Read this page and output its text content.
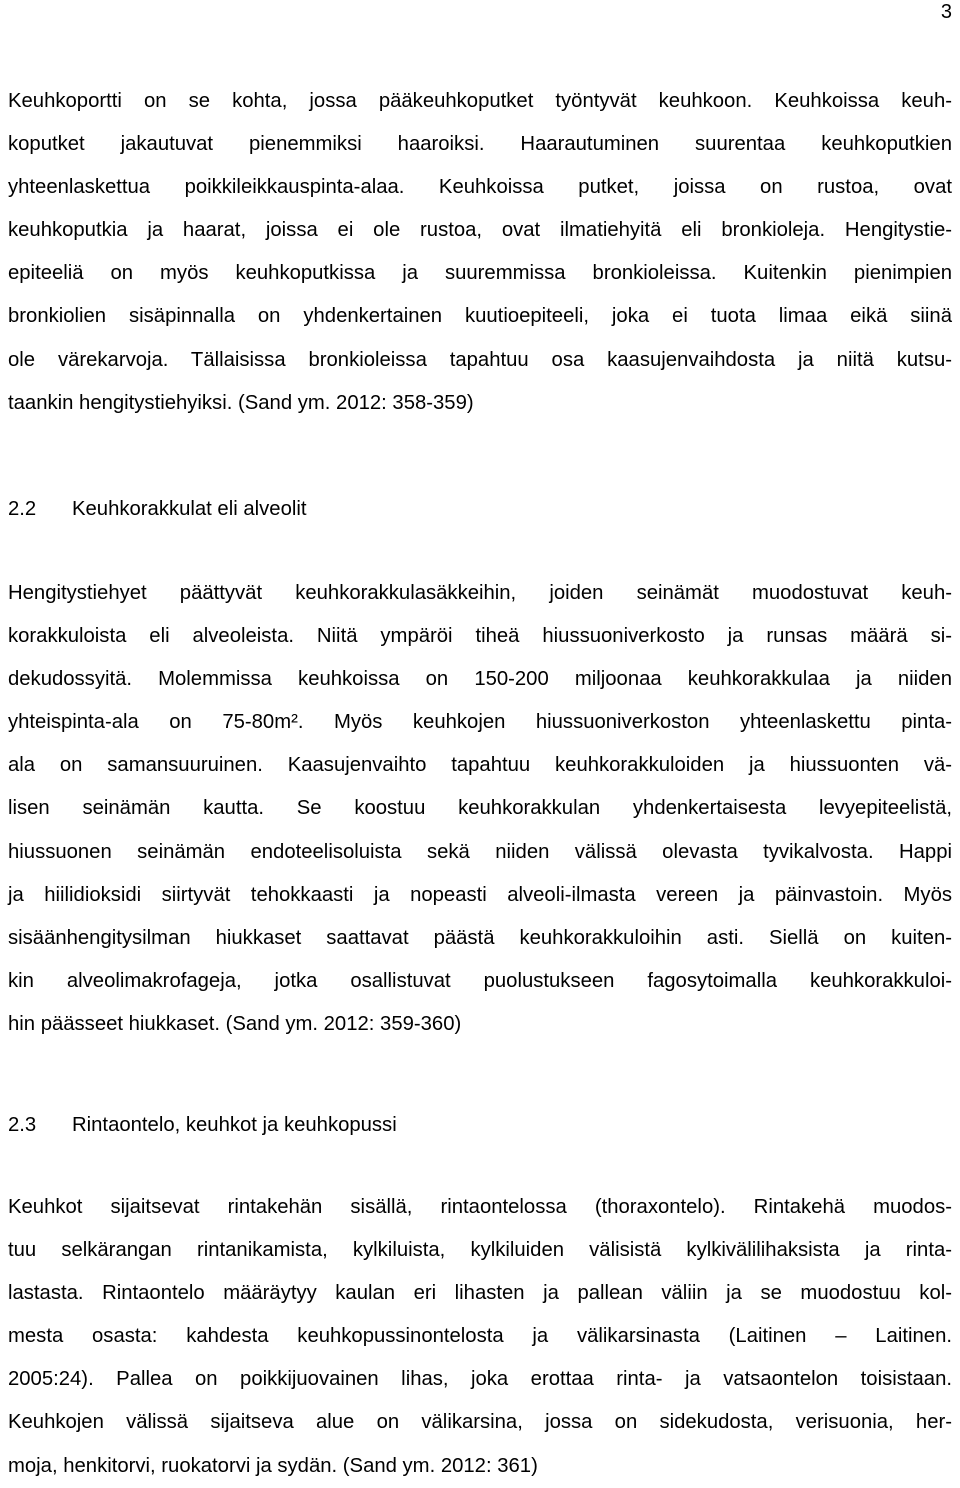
3
Keuhkoportti on se kohta, jossa pääkeuhkoputket työntyvät keuhkoon. Keuhkoissa keuh-
koputket jakautuvat pienemmiksi haaroiksi. Haarautuminen suurentaa keuhkoputkien
yhteenlaskettua poikkileikkauspinta-alaa. Keuhkoissa putket, joissa on rustoa, ovat
keuhkoputkia ja haarat, joissa ei ole rustoa, ovat ilmatiehyitä eli bronkioleja. Hengitystie-
epiteeliä on myös keuhkoputkissa ja suuremmissa bronkioleissa. Kuitenkin pienimpien
bronkiolien sisäpinnalla on yhdenkertainen kuutioepiteeli, joka ei tuota limaa eikä siinä
ole värekarvoja. Tällaisissa bronkioleissa tapahtuu osa kaasujenvaihdosta ja niitä kutsu-
taankin hengitystiehyiksi. (Sand ym. 2012: 358-359)
2.2 Keuhkorakkulat eli alveolit
Hengitystiehyet päättyvät keuhkorakkulasäkkeihin, joiden seinämät muodostuvat keuh-
korakkuloista eli alveoleista. Niitä ympäröi tiheä hiussuoniverkosto ja runsas määrä si-
dekudossyitä. Molemmissa keuhkoissa on 150-200 miljoonaa keuhkorakkulaa ja niiden
yhteispinta-ala on 75-80m². Myös keuhkojen hiussuoniverkoston yhteenlaskettu pinta-
ala on samansuuruinen. Kaasujenvaihto tapahtuu keuhkorakkuloiden ja hiussuonten vä-
lisen seinämän kautta. Se koostuu keuhkorakkulan yhdenkertaisesta levyepiteelistä,
hiussuonen seinämän endoteelisoluista sekä niiden välissä olevasta tyvikalvosta. Happi
ja hiilidioksidi siirtyvät tehokkaasti ja nopeasti alveoli-ilmasta vereen ja päinvastoin. Myös
sisäänhengitysilman hiukkaset saattavat päästä keuhkorakkuloihin asti. Siellä on kuiten-
kin alveolimakrofageja, jotka osallistuvat puolustukseen fagosytoimalla keuhkorakkuloi-
hin päässeet hiukkaset. (Sand ym. 2012: 359-360)
2.3 Rintaontelo, keuhkot ja keuhkopussi
Keuhkot sijaitsevat rintakehän sisällä, rintaontelossa (thoraxontelo). Rintakehä muodos-
tuu selkärangan rintanikamista, kylkiluista, kylkiluiden välisistä kylkivälilihaksista ja rinta-
lastasta. Rintaontelo määräytyy kaulan eri lihasten ja pallean väliin ja se muodostuu kol-
mesta osasta: kahdesta keuhkopussinontelosta ja välikarsinasta (Laitinen – Laitinen.
2005:24). Pallea on poikkijuovainen lihas, joka erottaa rinta- ja vatsaontelon toisistaan.
Keuhkojen välissä sijaitseva alue on välikarsina, jossa on sidekudosta, verisuonia, her-
moja, henkitorvi, ruokatorvi ja sydän. (Sand ym. 2012: 361)
